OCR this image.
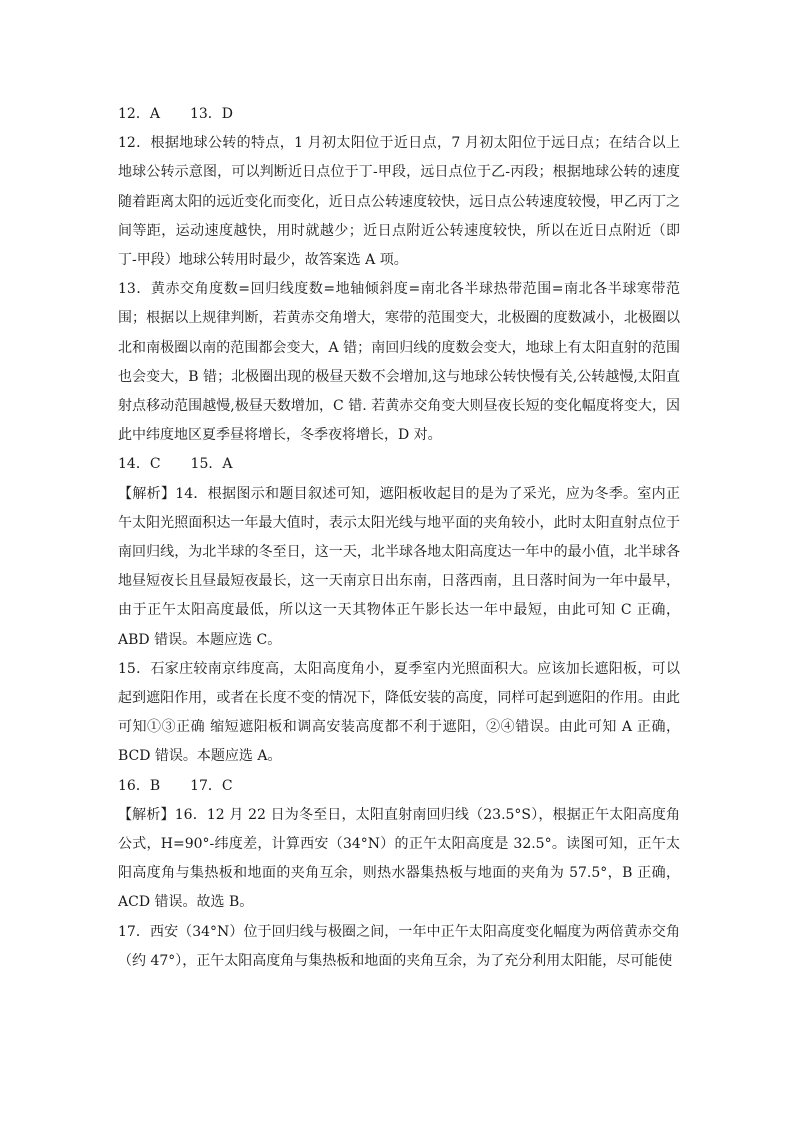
12．A 13．D

12．根据地球公转的特点，1 月初太阳位于近日点，7 月初太阳位于远日点；在结合以上地球公转示意图，可以判断近日点位于丁-甲段，远日点位于乙-丙段；根据地球公转的速度随着距离太阳的远近变化而变化，近日点公转速度较快，远日点公转速度较慢，甲乙丙丁之间等距，运动速度越快，用时就越少；近日点附近公转速度较快，所以在近日点附近（即丁-甲段）地球公转用时最少，故答案选 A 项。

13．黄赤交角度数=回归线度数=地轴倾斜度=南北各半球热带范围=南北各半球寒带范围；根据以上规律判断，若黄赤交角增大，寒带的范围变大，北极圈的度数减小，北极圈以北和南极圈以南的范围都会变大，A 错；南回归线的度数会变大，地球上有太阳直射的范围也会变大，B 错；北极圈出现的极昼天数不会增加,这与地球公转快慢有关,公转越慢,太阳直射点移动范围越慢,极昼天数增加，C 错. 若黄赤交角变大则昼夜长短的变化幅度将变大，因此中纬度地区夏季昼将增长，冬季夜将增长，D 对。

14．C 15．A

【解析】14．根据图示和题目叙述可知，遮阳板收起目的是为了采光，应为冬季。室内正午太阳光照面积达一年最大值时，表示太阳光线与地平面的夹角较小，此时太阳直射点位于南回归线，为北半球的冬至日，这一天，北半球各地太阳高度达一年中的最小值，北半球各地昼短夜长且昼最短夜最长，这一天南京日出东南，日落西南，且日落时间为一年中最早，由于正午太阳高度最低，所以这一天其物体正午影长达一年中最短，由此可知 C 正确，ABD 错误。本题应选 C。

15．石家庄较南京纬度高，太阳高度角小，夏季室内光照面积大。应该加长遮阳板，可以起到遮阳作用，或者在长度不变的情况下，降低安装的高度，同样可起到遮阳的作用。由此可知①③正确 缩短遮阳板和调高安装高度都不利于遮阳，②④错误。由此可知 A 正确，BCD 错误。本题应选 A。

16．B 17．C

【解析】16．12 月 22 日为冬至日，太阳直射南回归线（23.5°S），根据正午太阳高度角公式，H=90°-纬度差，计算西安（34°N）的正午太阳高度是 32.5°。读图可知，正午太阳高度角与集热板和地面的夹角互余，则热水器集热板与地面的夹角为 57.5°，B 正确，ACD 错误。故选 B。

17．西安（34°N）位于回归线与极圈之间，一年中正午太阳高度变化幅度为两倍黄赤交角（约 47°），正午太阳高度角与集热板和地面的夹角互余，为了充分利用太阳能，尽可能使
